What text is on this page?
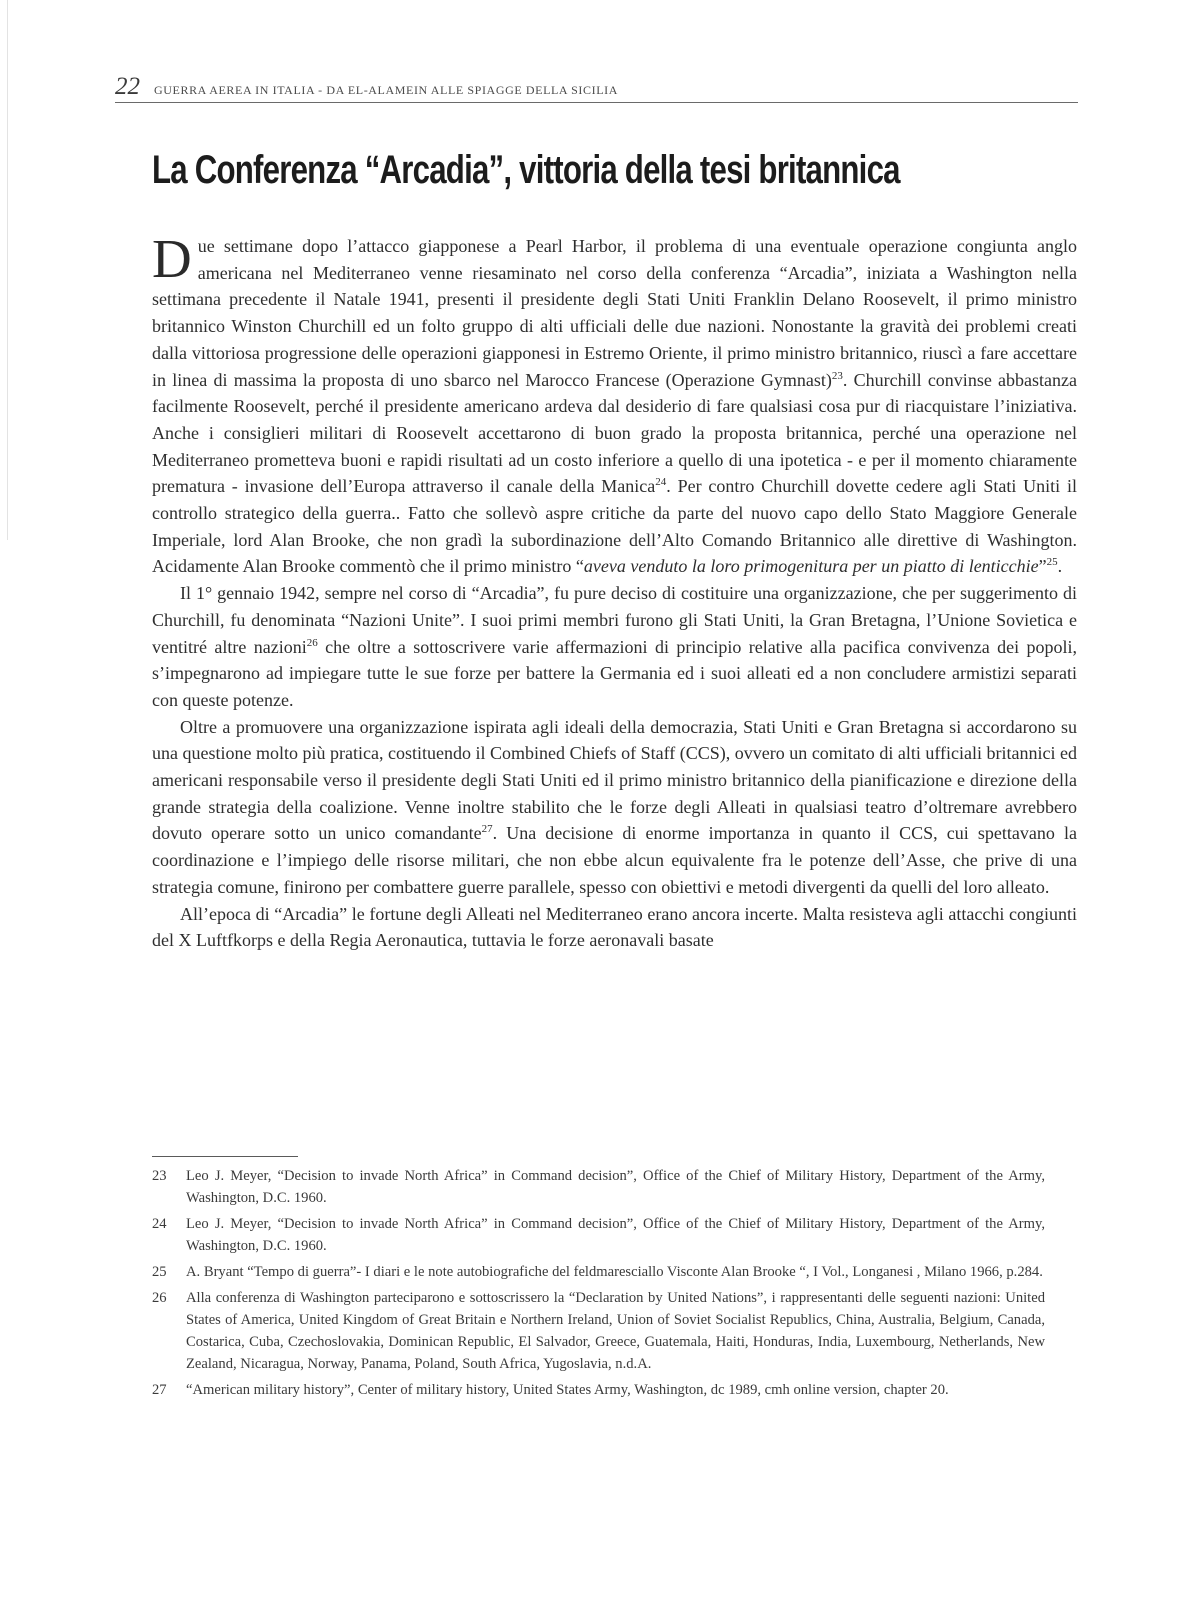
22 GUERRA AEREA IN ITALIA - DA EL-ALAMEIN ALLE SPIAGGE DELLA SICILIA
La Conferenza “Arcadia”, vittoria della tesi britannica

Due settimane dopo l’attacco giapponese a Pearl Harbor, il problema di una eventuale operazione congiunta anglo americana nel Mediterraneo venne riesaminato nel corso della conferenza “Arcadia”, iniziata a Washington nella settimana precedente il Natale 1941, presenti il presidente degli Stati Uniti Franklin Delano Roosevelt, il primo ministro britannico Winston Churchill ed un folto gruppo di alti ufficiali delle due nazioni. Nonostante la gravità dei problemi creati dalla vittoriosa progressione delle operazioni giapponesi in Estremo Oriente, il primo ministro britannico, riuscì a fare accettare in linea di massima la proposta di uno sbarco nel Marocco Francese (Operazione Gymnast)$^{23}$. Churchill convinse abbastanza facilmente Roosevelt, perché il presidente americano ardeva dal desiderio di fare qualsiasi cosa pur di riacquistare l’iniziativa. Anche i consiglieri militari di Roosevelt accettarono di buon grado la proposta britannica, perché una operazione nel Mediterraneo prometteva buoni e rapidi risultati ad un costo inferiore a quello di una ipotetica - e per il momento chiaramente prematura - invasione dell’Europa attraverso il canale della Manica$^{24}$. Per contro Churchill dovette cedere agli Stati Uniti il controllo strategico della guerra.. Fatto che sollevò aspre critiche da parte del nuovo capo dello Stato Maggiore Generale Imperiale, lord Alan Brooke, che non gradì la subordinazione dell’Alto Comando Britannico alle direttive di Washington. Acidamente Alan Brooke commentò che il primo ministro “aveva venduto la loro primogenitura per un piatto di lenticchie”$^{25}$.

Il 1° gennaio 1942, sempre nel corso di “Arcadia”, fu pure deciso di costituire una organizzazione, che per suggerimento di Churchill, fu denominata “Nazioni Unite”. I suoi primi membri furono gli Stati Uniti, la Gran Bretagna, l’Unione Sovietica e ventitré altre nazioni$^{26}$ che oltre a sottoscrivere varie affermazioni di principio relative alla pacifica convivenza dei popoli, s’impegnarono ad impiegare tutte le sue forze per battere la Germania ed i suoi alleati ed a non concludere armistizi separati con queste potenze.

Oltre a promuovere una organizzazione ispirata agli ideali della democrazia, Stati Uniti e Gran Bretagna si accordarono su una questione molto più pratica, costituendo il Combined Chiefs of Staff (CCS), ovvero un comitato di alti ufficiali britannici ed americani responsabile verso il presidente degli Stati Uniti ed il primo ministro britannico della pianificazione e direzione della grande strategia della coalizione. Venne inoltre stabilito che le forze degli Alleati in qualsiasi teatro d’oltremare avrebbero dovuto operare sotto un unico comandante$^{27}$. Una decisione di enorme importanza in quanto il CCS, cui spettavano la coordinazione e l’impiego delle risorse militari, che non ebbe alcun equivalente fra le potenze dell’Asse, che prive di una strategia comune, finirono per combattere guerre parallele, spesso con obiettivi e metodi divergenti da quelli del loro alleato.

All’epoca di “Arcadia” le fortune degli Alleati nel Mediterraneo erano ancora incerte. Malta resisteva agli attacchi congiunti del X Luftfkorps e della Regia Aeronautica, tuttavia le forze aeronavali basate

23	Leo J. Meyer, “Decision to invade North Africa” in Command decision”, Office of the Chief of Military History, Department of the Army, Washington, D.C. 1960.
24	Leo J. Meyer, “Decision to invade North Africa” in Command decision”, Office of the Chief of Military History, Department of the Army, Washington, D.C. 1960.
25	A. Bryant “Tempo di guerra”- I diari e le note autobiografiche del feldmaresciallo Visconte Alan Brooke “, I Vol., Longanesi , Milano 1966, p.284.
26	Alla conferenza di Washington parteciparono e sottoscrissero la “Declaration by United Nations”, i rappresentanti delle seguenti nazioni: United States of America, United Kingdom of Great Britain e Northern Ireland, Union of Soviet Socialist Republics, China, Australia, Belgium, Canada, Costarica, Cuba, Czechoslovakia, Dominican Republic, El Salvador, Greece, Guatemala, Haiti, Honduras, India, Luxembourg, Netherlands, New Zealand, Nicaragua, Norway, Panama, Poland, South Africa, Yugoslavia, n.d.A.
27	“American military history”, Center of military history, United States Army, Washington, dc 1989, cmh online version, chapter 20.
